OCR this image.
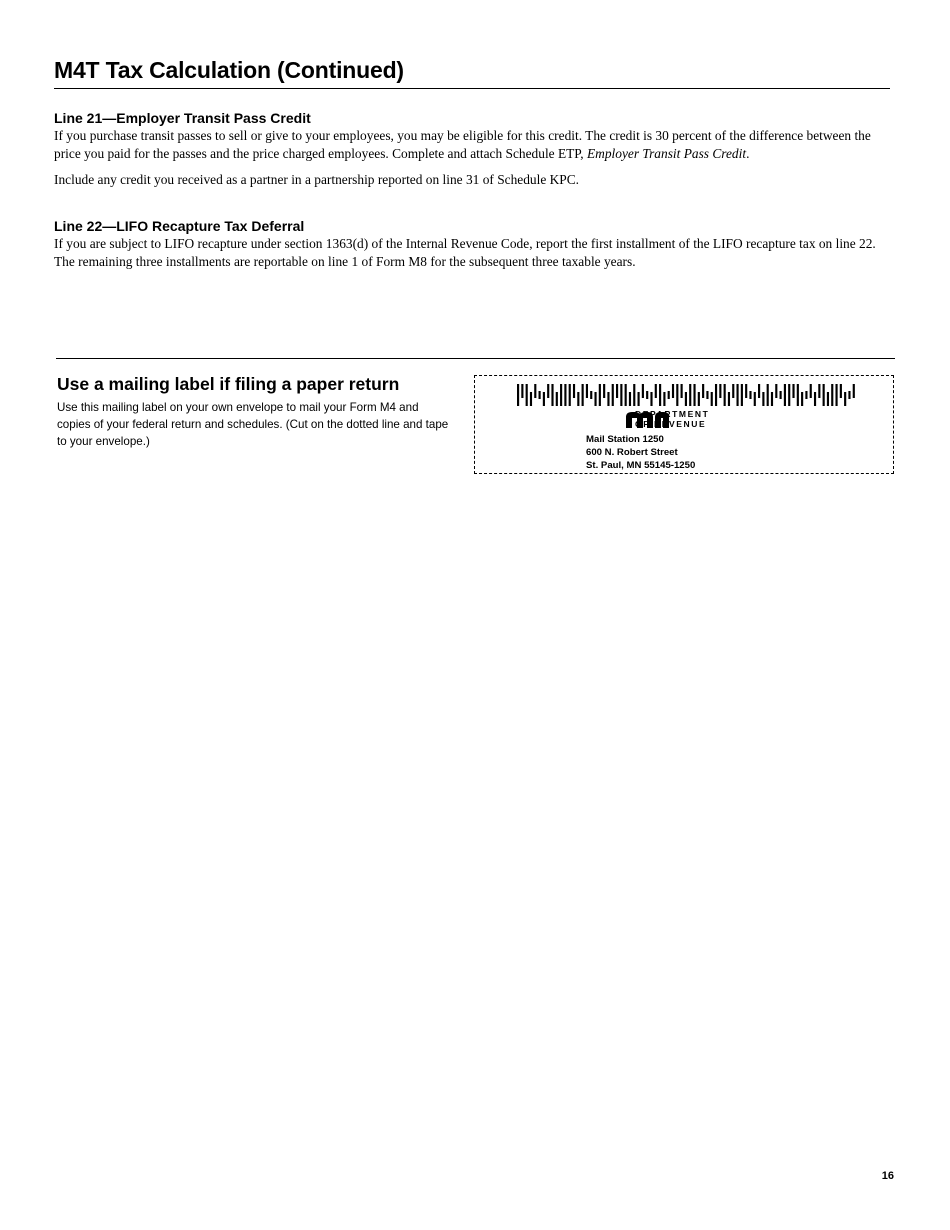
M4T Tax Calculation (Continued)
Line 21—Employer Transit Pass Credit

If you purchase transit passes to sell or give to your employees, you may be eligible for this credit. The credit is 30 percent of the difference between the price you paid for the passes and the price charged employees. Complete and attach Schedule ETP, Employer Transit Pass Credit.

Include any credit you received as a partner in a partnership reported on line 31 of Schedule KPC.

Line 22—LIFO Recapture Tax Deferral

If you are subject to LIFO recapture under section 1363(d) of the Internal Revenue Code, report the first installment of the LIFO recapture tax on line 22. The remaining three installments are reportable on line 1 of Form M8 for the subsequent three taxable years.

Use a mailing label if filing a paper return

Use this mailing label on your own envelope to mail your Form M4 and copies of your federal return and schedules. (Cut on the dotted line and tape to your envelope.)

DEPARTMENT
OF REVENUE
Mail Station 1250
600 N. Robert Street
St. Paul, MN 55145-1250
16
